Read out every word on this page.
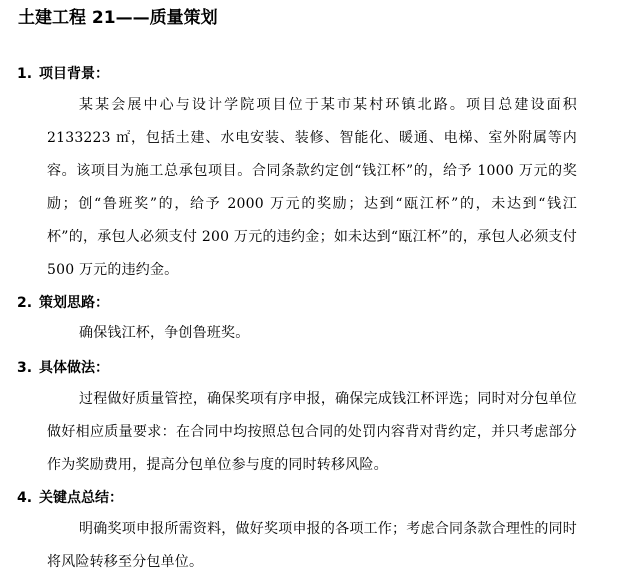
土建工程 21——质量策划
1. 项目背景：
某某会展中心与设计学院项目位于某市某村环镇北路。项目总建设面积 2133223 ㎡，包括土建、水电安装、装修、智能化、暖通、电梯、室外附属等内容。该项目为施工总承包项目。合同条款约定创“钱江杯”的，给予 1000 万元的奖励；创“鲁班奖”的，给予 2000 万元的奖励；达到“瓯江杯”的，未达到“钱江杯”的，承包人必须支付 200 万元的违约金；如未达到“瓯江杯”的，承包人必须支付 500 万元的违约金。
2. 策划思路：
确保钱江杯，争创鲁班奖。
3. 具体做法：
过程做好质量管控，确保奖项有序申报，确保完成钱江杯评选；同时对分包单位做好相应质量要求：在合同中均按照总包合同的处罚内容背对背约定，并只考虑部分作为奖励费用，提高分包单位参与度的同时转移风险。
4. 关键点总结：
明确奖项申报所需资料，做好奖项申报的各项工作；考虑合同条款合理性的同时将风险转移至分包单位。
